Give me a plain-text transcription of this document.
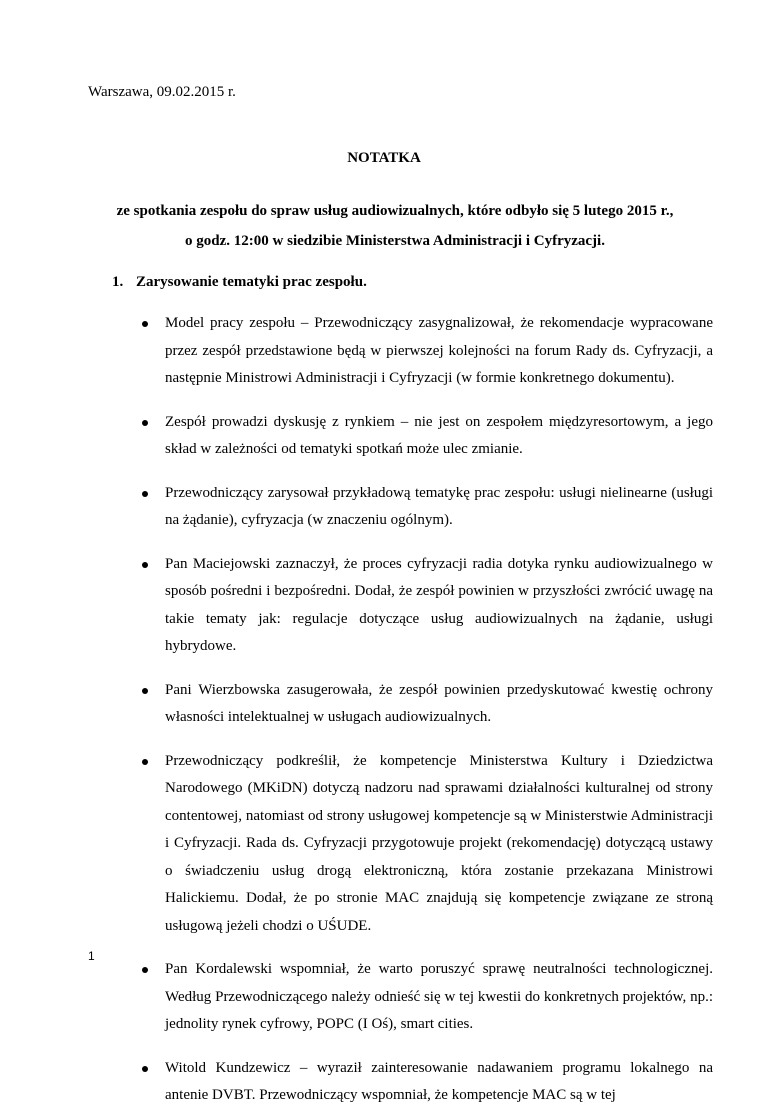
Warszawa, 09.02.2015 r.
NOTATKA
ze spotkania zespołu do spraw usług audiowizualnych, które odbyło się 5 lutego 2015 r.,
o godz. 12:00 w siedzibie Ministerstwa Administracji i Cyfryzacji.
1. Zarysowanie tematyki prac zespołu.
Model pracy zespołu – Przewodniczący zasygnalizował, że rekomendacje wypracowane przez zespół przedstawione będą w pierwszej kolejności na forum Rady ds. Cyfryzacji, a następnie Ministrowi Administracji i Cyfryzacji (w formie konkretnego dokumentu).
Zespół prowadzi dyskusję z rynkiem – nie jest on zespołem międzyresortowym, a jego skład w zależności od tematyki spotkań może ulec zmianie.
Przewodniczący zarysował przykładową tematykę prac zespołu: usługi nielinearne (usługi na żądanie), cyfryzacja (w znaczeniu ogólnym).
Pan Maciejowski zaznaczył, że proces cyfryzacji radia dotyka rynku audiowizualnego w sposób pośredni i bezpośredni. Dodał, że zespół powinien w przyszłości zwrócić uwagę na takie tematy jak: regulacje dotyczące usług audiowizualnych na żądanie, usługi hybrydowe.
Pani Wierzbowska zasugerowała, że zespół powinien przedyskutować kwestię ochrony własności intelektualnej w usługach audiowizualnych.
Przewodniczący podkreślił, że kompetencje Ministerstwa Kultury i Dziedzictwa Narodowego (MKiDN) dotyczą nadzoru nad sprawami działalności kulturalnej od strony contentowej, natomiast od strony usługowej kompetencje są w Ministerstwie Administracji i Cyfryzacji. Rada ds. Cyfryzacji przygotowuje projekt (rekomendację) dotyczącą ustawy o świadczeniu usług drogą elektroniczną, która zostanie przekazana Ministrowi Halickiemu. Dodał, że po stronie MAC znajdują się kompetencje związane ze stroną usługową jeżeli chodzi o UŚUDE.
Pan Kordalewski wspomniał, że warto poruszyć sprawę neutralności technologicznej. Według Przewodniczącego należy odnieść się w tej kwestii do konkretnych projektów, np.: jednolity rynek cyfrowy, POPC (I Oś), smart cities.
Witold Kundzewicz – wyraził zainteresowanie nadawaniem programu lokalnego na antenie DVBT. Przewodniczący wspomniał, że kompetencje MAC są w tej
1
